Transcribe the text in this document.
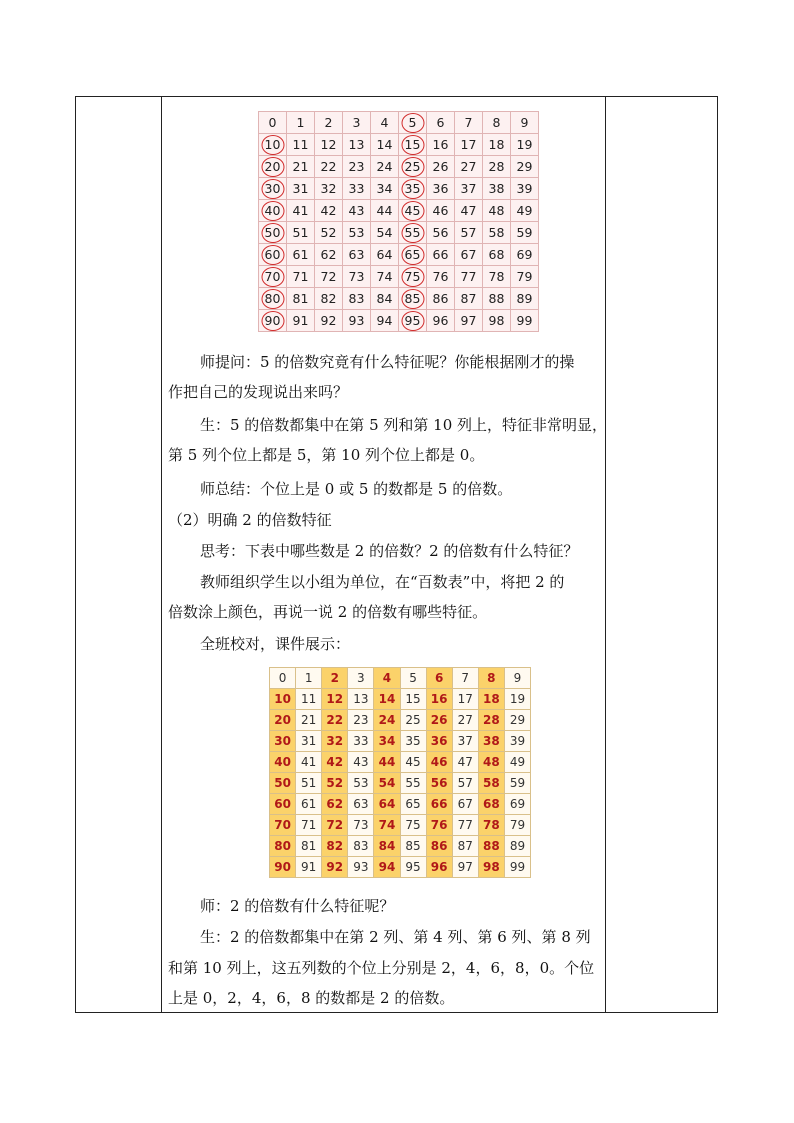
0	1	2	3	4	5	6	7	8	9
10	11	12	13	14	15	16	17	18	19
20	21	22	23	24	25	26	27	28	29
30	31	32	33	34	35	36	37	38	39
40	41	42	43	44	45	46	47	48	49
50	51	52	53	54	55	56	57	58	59
60	61	62	63	64	65	66	67	68	69
70	71	72	73	74	75	76	77	78	79
80	81	82	83	84	85	86	87	88	89
90	91	92	93	94	95	96	97	98	99
师提问：5 的倍数究竟有什么特征呢？你能根据刚才的操
作把自己的发现说出来吗？
生：5 的倍数都集中在第 5 列和第 10 列上，特征非常明显，
第 5 列个位上都是 5，第 10 列个位上都是 0。
师总结：个位上是 0 或 5 的数都是 5 的倍数。
（2）明确 2 的倍数特征
思考：下表中哪些数是 2 的倍数？2 的倍数有什么特征？
教师组织学生以小组为单位，在“百数表”中，将把 2 的
倍数涂上颜色，再说一说 2 的倍数有哪些特征。
全班校对，课件展示：
0	1	2	3	4	5	6	7	8	9
10	11	12	13	14	15	16	17	18	19
20	21	22	23	24	25	26	27	28	29
30	31	32	33	34	35	36	37	38	39
40	41	42	43	44	45	46	47	48	49
50	51	52	53	54	55	56	57	58	59
60	61	62	63	64	65	66	67	68	69
70	71	72	73	74	75	76	77	78	79
80	81	82	83	84	85	86	87	88	89
90	91	92	93	94	95	96	97	98	99
师：2 的倍数有什么特征呢？
生：2 的倍数都集中在第 2 列、第 4 列、第 6 列、第 8 列
和第 10 列上，这五列数的个位上分别是 2，4，6，8，0。个位
上是 0，2，4，6，8 的数都是 2 的倍数。
